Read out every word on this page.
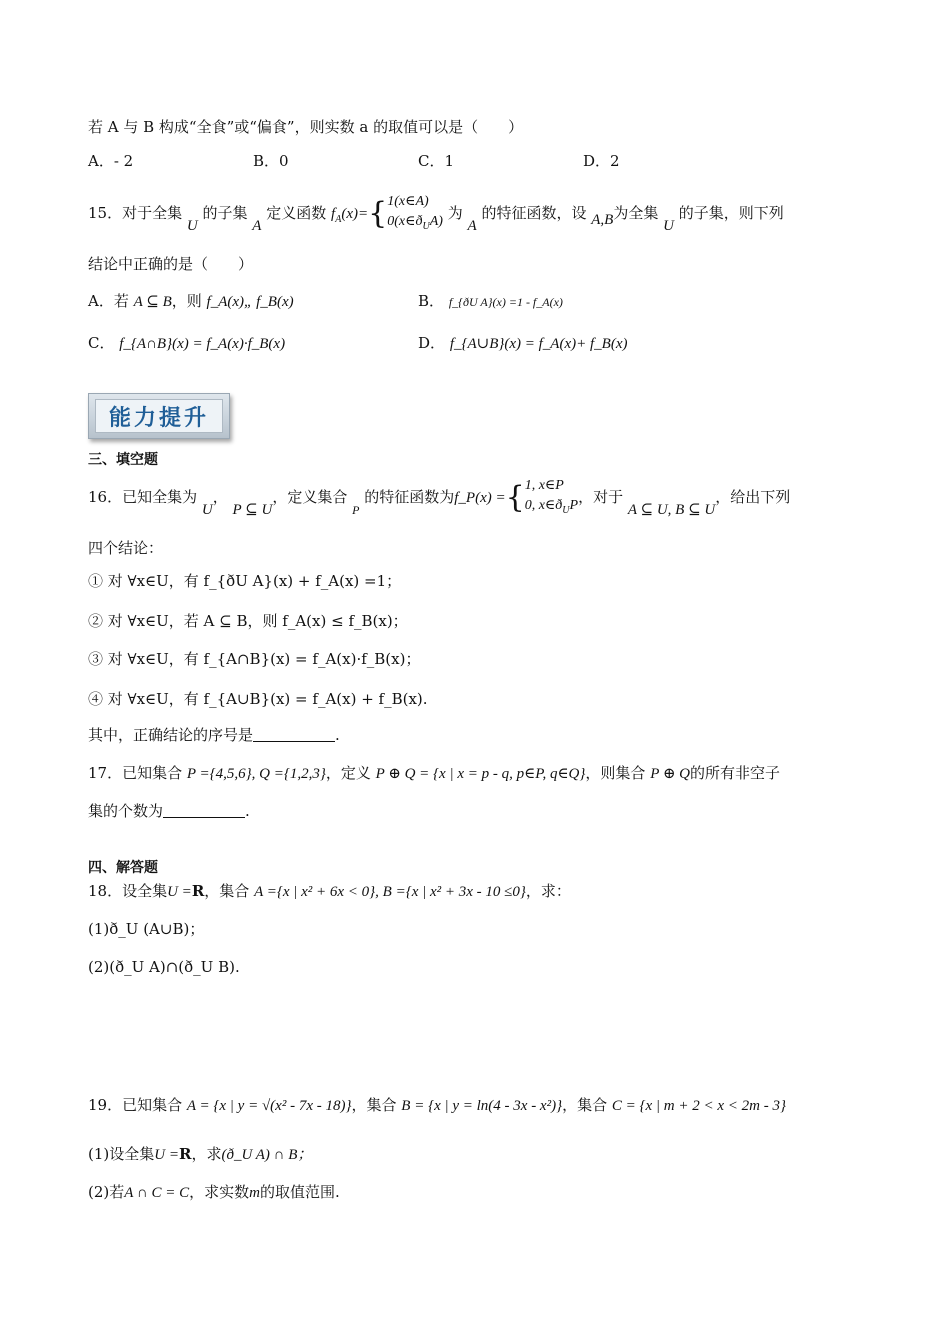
若 A 与 B 构成“全食”或“偏食”，则实数 a 的取值可以是（　　）
A．- 2	B．0	C．1	D．2
15．对于全集 U 的子集 A 定义函数 $f_A(x)=${ 1(x∈A)
$0(x\in ð_UA)$ 为 A 的特征函数，设 A,B为全集 U 的子集，则下列
结论中正确的是（　　）
A．若 A ⊆ B，则 f_A(x)„ f_B(x)	B． f_{ðU A}(x) =1 - f_A(x)
C． f_{A∩B}(x) = f_A(x)·f_B(x)	D． f_{A∪B}(x) = f_A(x)+ f_B(x)
能力提升
三、填空题
16．已知全集为 U， P ⊆ U，定义集合 $_P$ 的特征函数为f_P(x) ={ 1, x∈P
0, $x\in ð_UP$ ，对于 A ⊆ U, B ⊆ U，给出下列
四个结论：
① 对 ∀x∈U，有 f_{ðU A}(x) + f_A(x) =1；
② 对 ∀x∈U，若 A ⊆ B，则 f_A(x) ≤ f_B(x)；
③ 对 ∀x∈U，有 f_{A∩B}(x) = f_A(x)·f_B(x)；
④ 对 ∀x∈U，有 f_{A∪B}(x) = f_A(x) + f_B(x).
其中，正确结论的序号是	.
17．已知集合 P ={4,5,6}, Q ={1,2,3}，定义 P ⊕ Q = {x | x = p - q, p∈P, q∈Q}，则集合 P ⊕ Q的所有非空子
集的个数为	.
四、解答题
18．设全集U =R，集合 A ={x | x² + 6x < 0}, B ={x | x² + 3x - 10 ≤0}，求：
(1)ð_U (A∪B)；
(2)(ð_U A)∩(ð_U B).
19．已知集合 A = {x | y = √(x² - 7x - 18)}，集合 B = {x | y = ln(4 - 3x - x²)}，集合 C = {x | m + 2 < x < 2m - 3}
(1)设全集U =R，求(ð_U A) ∩ B；
(2)若A ∩ C = C，求实数m的取值范围.
